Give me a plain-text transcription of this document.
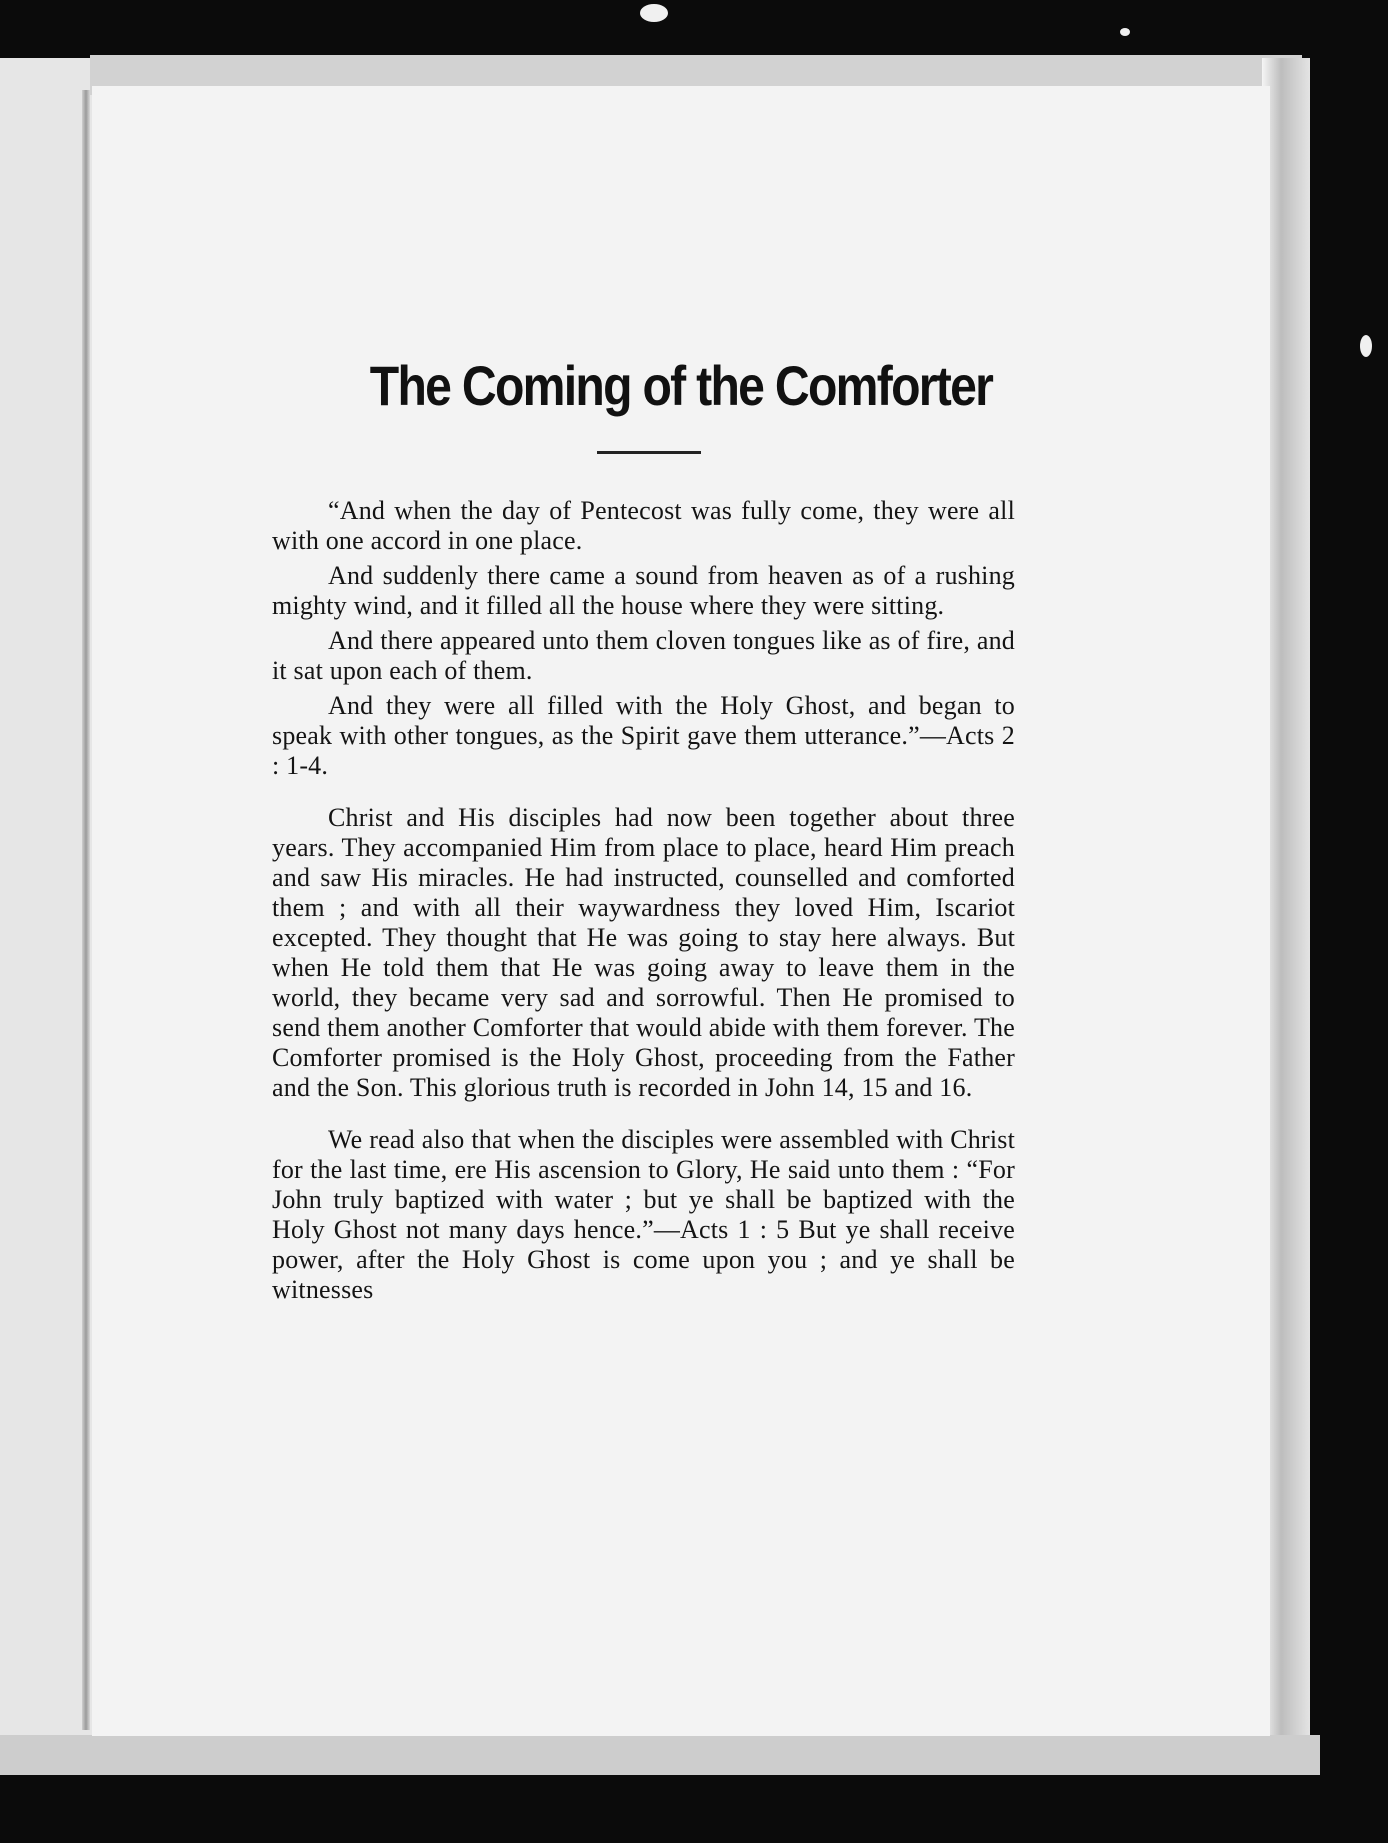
The Coming of the Comforter

“And when the day of Pentecost was fully come, they were all with one accord in one place.

And suddenly there came a sound from heaven as of a rushing mighty wind, and it filled all the house where they were sitting.

And there appeared unto them cloven tongues like as of fire, and it sat upon each of them.

And they were all filled with the Holy Ghost, and began to speak with other tongues, as the Spirit gave them utterance.”—Acts 2 : 1-4.

Christ and His disciples had now been together about three years. They accompanied Him from place to place, heard Him preach and saw His miracles. He had instructed, counselled and comforted them ; and with all their waywardness they loved Him, Iscariot excepted. They thought that He was going to stay here always. But when He told them that He was going away to leave them in the world, they became very sad and sorrowful. Then He promised to send them another Comforter that would abide with them forever. The Comforter promised is the Holy Ghost, proceeding from the Father and the Son. This glorious truth is recorded in John 14, 15 and 16.

We read also that when the disciples were assembled with Christ for the last time, ere His ascension to Glory, He said unto them : “For John truly baptized with water ; but ye shall be baptized with the Holy Ghost not many days hence.”—Acts 1 : 5 But ye shall receive power, after the Holy Ghost is come upon you ; and ye shall be witnesses
